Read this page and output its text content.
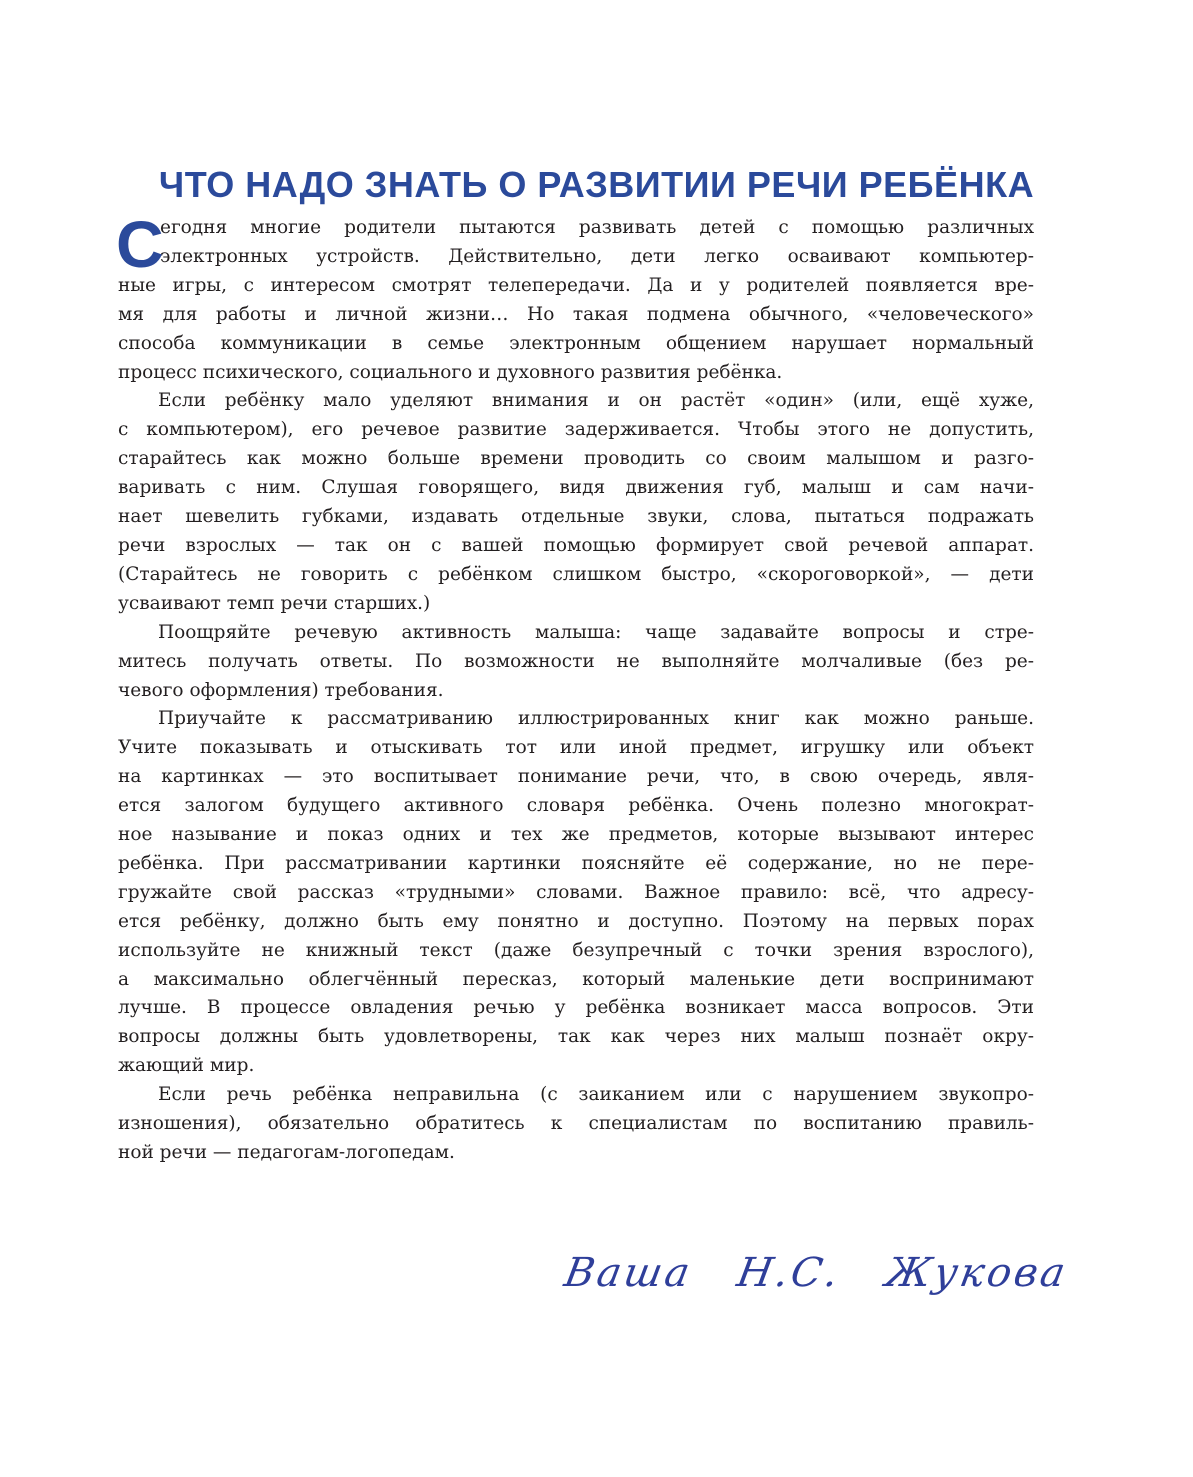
ЧТО НАДО ЗНАТЬ О РАЗВИТИИ РЕЧИ РЕБЁНКА
С
егодня многие родители пытаются развивать детей с помощью различных
электронных устройств. Действительно, дети легко осваивают компьютер-
ные игры, с интересом смотрят телепередачи. Да и у родителей появляется вре-
мя для работы и личной жизни… Но такая подмена обычного, «человеческого»
способа коммуникации в семье электронным общением нарушает нормальный
процесс психического, социального и духовного развития ребёнка.
Если ребёнку мало уделяют внимания и он растёт «один» (или, ещё хуже,
с компьютером), его речевое развитие задерживается. Чтобы этого не допустить,
старайтесь как можно больше времени проводить со своим малышом и разго-
варивать с ним. Слушая говорящего, видя движения губ, малыш и сам начи-
нает шевелить губками, издавать отдельные звуки, слова, пытаться подражать
речи взрослых — так он с вашей помощью формирует свой речевой аппарат.
(Старайтесь не говорить с ребёнком слишком быстро, «скороговоркой», — дети
усваивают темп речи старших.)
Поощряйте речевую активность малыша: чаще задавайте вопросы и стре-
митесь получать ответы. По возможности не выполняйте молчаливые (без ре-
чевого оформления) требования.
Приучайте к рассматриванию иллюстрированных книг как можно раньше.
Учите показывать и отыскивать тот или иной предмет, игрушку или объект
на картинках — это воспитывает понимание речи, что, в свою очередь, явля-
ется залогом будущего активного словаря ребёнка. Очень полезно многократ-
ное называние и показ одних и тех же предметов, которые вызывают интерес
ребёнка. При рассматривании картинки поясняйте её содержание, но не пере-
гружайте свой рассказ «трудными» словами. Важное правило: всё, что адресу-
ется ребёнку, должно быть ему понятно и доступно. Поэтому на первых порах
используйте не книжный текст (даже безупречный с точки зрения взрослого),
а максимально облегчённый пересказ, который маленькие дети воспринимают
лучше. В процессе овладения речью у ребёнка возникает масса вопросов. Эти
вопросы должны быть удовлетворены, так как через них малыш познаёт окру-
жающий мир.
Если речь ребёнка неправильна (с заиканием или с нарушением звукопро-
изношения), обязательно обратитесь к специалистам по воспитанию правиль-
ной речи — педагогам-логопедам.
Ваша Н.С. Жукова
